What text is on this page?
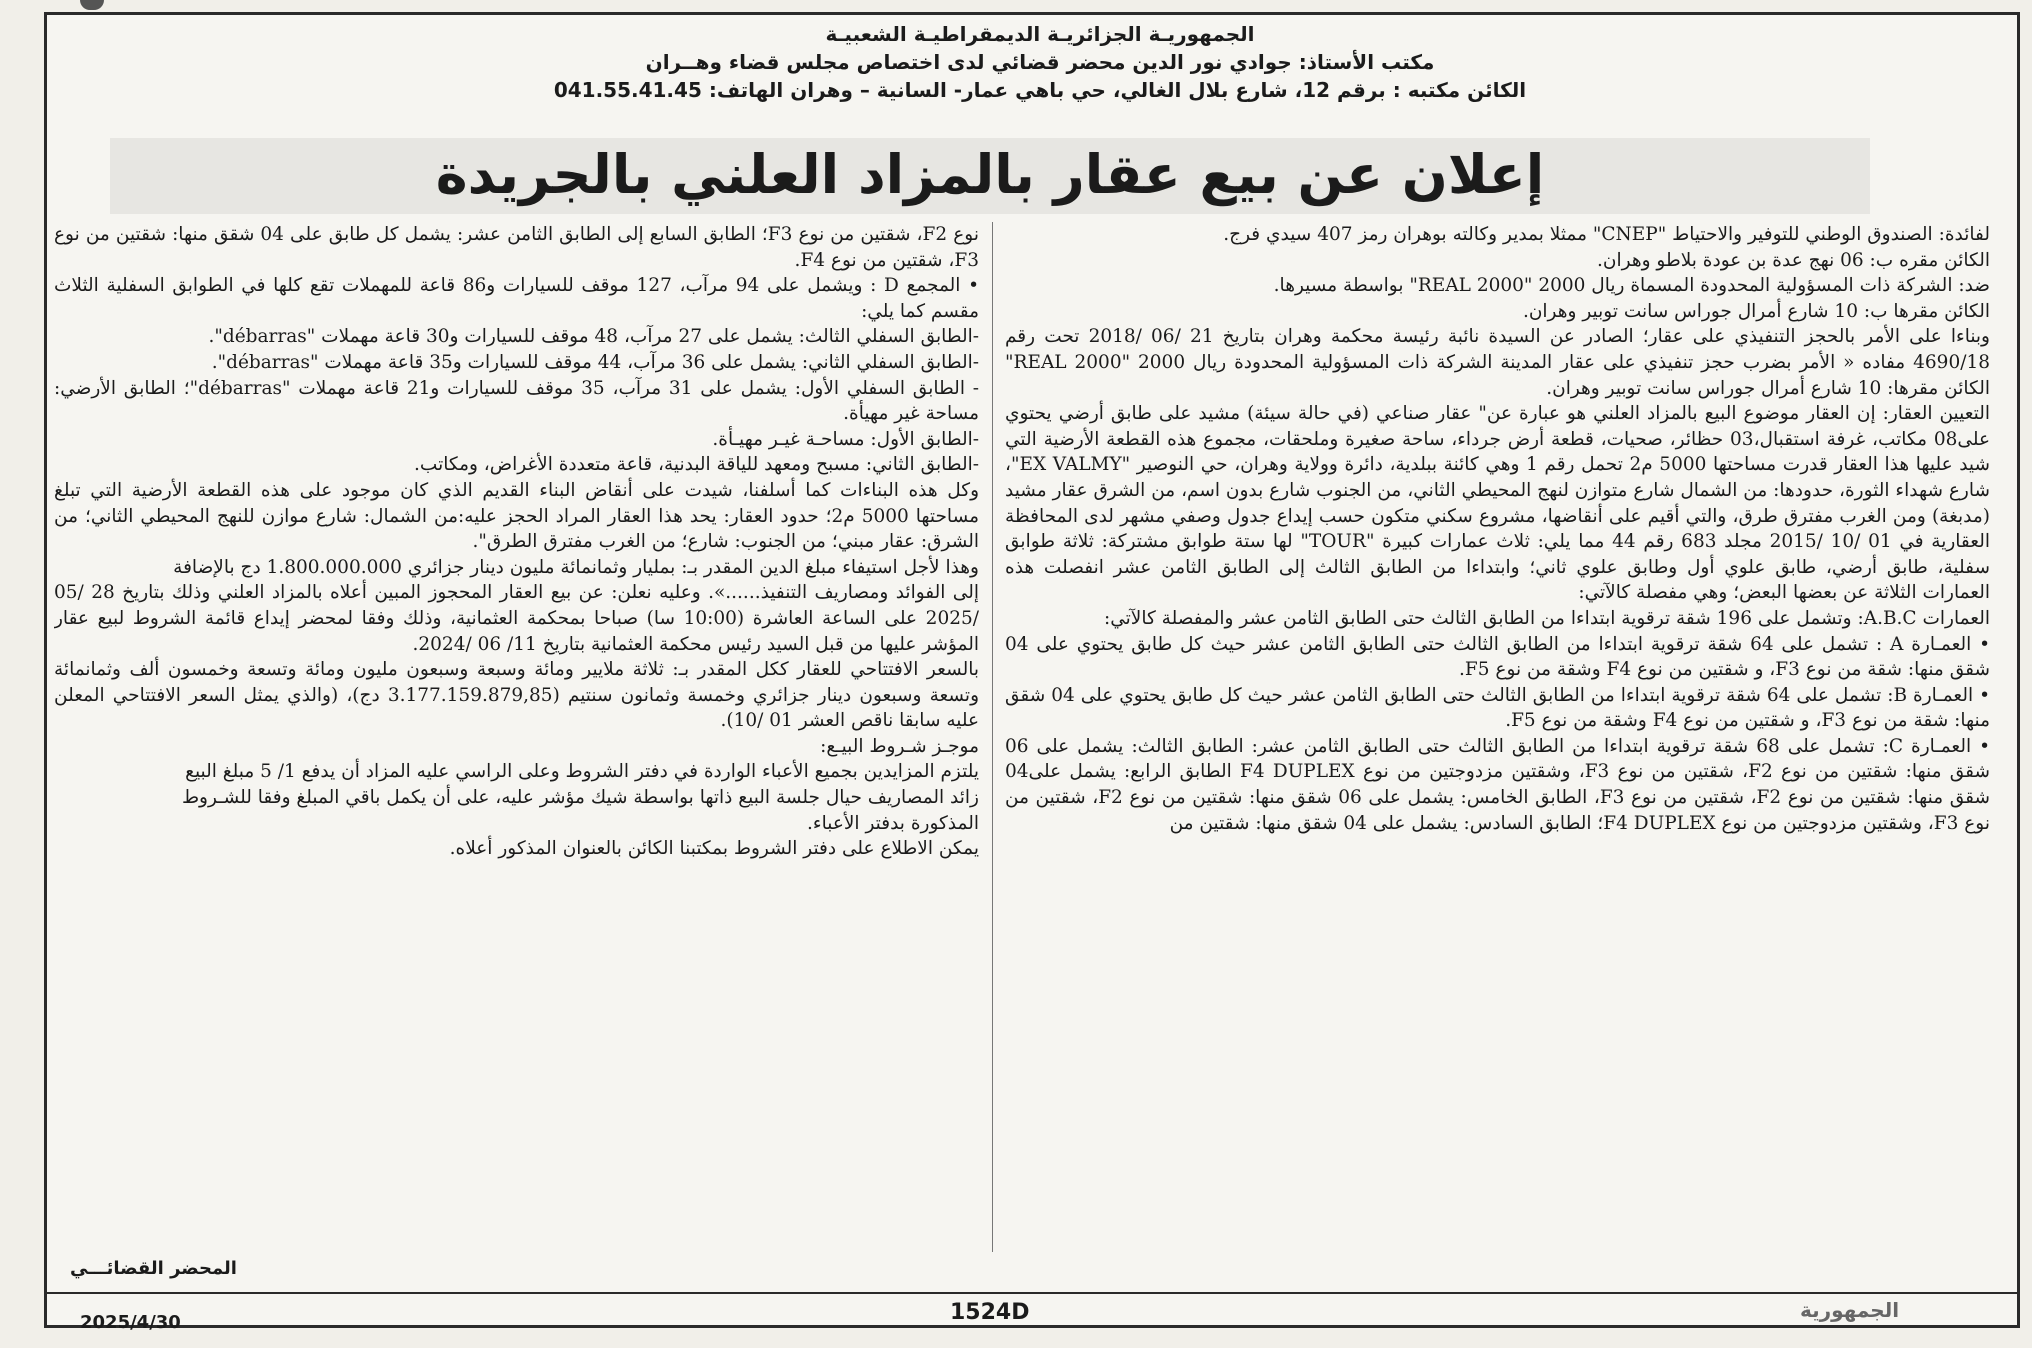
الجمهوريـة الجزائريـة الديمقراطيـة الشعبيـة
مكتب الأستاذ: جوادي نور الدين محضر قضائي لدى اختصاص مجلس قضاء وهــران
الكائن مكتبه : برقم 12، شارع بلال الغالي، حي باهي عمار- السانية – وهران الهاتف: 041.55.41.45
إعلان عن بيع عقار بالمزاد العلني بالجريدة

لفائدة: الصندوق الوطني للتوفير والاحتياط "CNEP" ممثلا بمدير وكالته بوهران رمز 407 سيدي فرج.

الكائن مقره ب: 06 نهج عدة بن عودة بلاطو وهران.

ضد: الشركة ذات المسؤولية المحدودة المسماة ريال 2000 "REAL 2000" بواسطة مسيرها.

الكائن مقرها ب: 10 شارع أمرال جوراس سانت توبير وهران.

وبناءا على الأمر بالحجز التنفيذي على عقار؛ الصادر عن السيدة نائبة رئيسة محكمة وهران بتاريخ 21 /06 /2018 تحت رقم 4690/18 مفاده « الأمر بضرب حجز تنفيذي على عقار المدينة الشركة ذات المسؤولية المحدودة ريال 2000 "REAL 2000" الكائن مقرها: 10 شارع أمرال جوراس سانت توبير وهران.

التعيين العقار: إن العقار موضوع البيع بالمزاد العلني هو عبارة عن" عقار صناعي (في حالة سيئة) مشيد على طابق أرضي يحتوي على08 مكاتب، غرفة استقبال،03 حظائر، صحيات، قطعة أرض جرداء، ساحة صغيرة وملحقات، مجموع هذه القطعة الأرضية التي شيد عليها هذا العقار قدرت مساحتها 5000 م2 تحمل رقم 1 وهي كائنة ببلدية، دائرة وولاية وهران، حي النوصير "EX VALMY"، شارع شهداء الثورة، حدودها: من الشمال شارع متوازن لنهج المحيطي الثاني، من الجنوب شارع بدون اسم، من الشرق عقار مشيد (مدبغة) ومن الغرب مفترق طرق، والتي أقيم على أنقاضها، مشروع سكني متكون حسب إيداع جدول وصفي مشهر لدى المحافظة العقارية في 01 /10 /2015 مجلد 683 رقم 44 مما يلي: ثلاث عمارات كبيرة "TOUR" لها ستة طوابق مشتركة: ثلاثة طوابق سفلية، طابق أرضي، طابق علوي أول وطابق علوي ثاني؛ وابتداءا من الطابق الثالث إلى الطابق الثامن عشر انفصلت هذه العمارات الثلاثة عن بعضها البعض؛ وهي مفصلة كالآتي:

العمارات A.B.C: وتشمل على 196 شقة ترقوية ابتداءا من الطابق الثالث حتى الطابق الثامن عشر والمفصلة كالآتي:

• العمـارة A : تشمل على 64 شقة ترقوية ابتداءا من الطابق الثالث حتى الطابق الثامن عشر حيث كل طابق يحتوي على 04 شقق منها: شقة من نوع F3، و شقتين من نوع F4 وشقة من نوع F5.

• العمـارة B: تشمل على 64 شقة ترقوية ابتداءا من الطابق الثالث حتى الطابق الثامن عشر حيث كل طابق يحتوي على 04 شقق منها: شقة من نوع F3، و شقتين من نوع F4 وشقة من نوع F5.

• العمـارة C: تشمل على 68 شقة ترقوية ابتداءا من الطابق الثالث حتى الطابق الثامن عشر: الطابق الثالث: يشمل على 06 شقق منها: شقتين من نوع F2، شقتين من نوع F3، وشقتين مزدوجتين من نوع F4 DUPLEX الطابق الرابع: يشمل على04 شقق منها: شقتين من نوع F2، شقتين من نوع F3، الطابق الخامس: يشمل على 06 شقق منها: شقتين من نوع F2، شقتين من نوع F3، وشقتين مزدوجتين من نوع F4 DUPLEX؛ الطابق السادس: يشمل على 04 شقق منها: شقتين من

نوع F2، شقتين من نوع F3؛ الطابق السابع إلى الطابق الثامن عشر: يشمل كل طابق على 04 شقق منها: شقتين من نوع F3، شقتين من نوع F4.

• المجمع D : ويشمل على 94 مرآب، 127 موقف للسيارات و86 قاعة للمهملات تقع كلها في الطوابق السفلية الثلاث مقسم كما يلي:

-الطابق السفلي الثالث: يشمل على 27 مرآب، 48 موقف للسيارات و30 قاعة مهملات "débarras".

-الطابق السفلي الثاني: يشمل على 36 مرآب، 44 موقف للسيارات و35 قاعة مهملات "débarras".

- الطابق السفلي الأول: يشمل على 31 مرآب، 35 موقف للسيارات و21 قاعة مهملات "débarras"؛ الطابق الأرضي: مساحة غير مهيأة.

-الطابق الأول: مساحـة غيـر مهيـأة.

-الطابق الثاني: مسبح ومعهد للياقة البدنية، قاعة متعددة الأغراض، ومكاتب.

وكل هذه البناءات كما أسلفنا، شيدت على أنقاض البناء القديم الذي كان موجود على هذه القطعة الأرضية التي تبلغ مساحتها 5000 م2؛ حدود العقار: يحد هذا العقار المراد الحجز عليه:من الشمال: شارع موازن للنهج المحيطي الثاني؛ من الشرق: عقار مبني؛ من الجنوب: شارع؛ من الغرب مفترق الطرق".

وهذا لأجل استيفاء مبلغ الدين المقدر بـ: بمليار وثمانمائة مليون دينار جزائري 1.800.000.000 دج بالإضافة

إلى الفوائد ومصاريف التنفيذ......». وعليه نعلن: عن بيع العقار المحجوز المبين أعلاه بالمزاد العلني وذلك بتاريخ 28 /05 /2025 على الساعة العاشرة (10:00 سا) صباحا بمحكمة العثمانية، وذلك وفقا لمحضر إيداع قائمة الشروط لبيع عقار المؤشر عليها من قبل السيد رئيس محكمة العثمانية بتاريخ 11/ 06 /2024.

بالسعر الافتتاحي للعقار ككل المقدر بـ: ثلاثة ملايير ومائة وسبعة وسبعون مليون ومائة وتسعة وخمسون ألف وثمانمائة وتسعة وسبعون دينار جزائري وخمسة وثمانون سنتيم (3.177.159.879,85 دج)، (والذي يمثل السعر الافتتاحي المعلن عليه سابقا ناقص العشر 01 /10).

موجـز شـروط البيـع:

يلتزم المزايدين بجميع الأعباء الواردة في دفتر الشروط وعلى الراسي عليه المزاد أن يدفع 1/ 5 مبلغ البيع

زائد المصاريف حيال جلسة البيع ذاتها بواسطة شيك مؤشر عليه، على أن يكمل باقي المبلغ وفقا للشـروط

المذكورة بدفتر الأعباء.

يمكن الاطلاع على دفتر الشروط بمكتبنا الكائن بالعنوان المذكور أعلاه.

المحضر القضائـــي
1524D
2025/4/30
الجمهورية
